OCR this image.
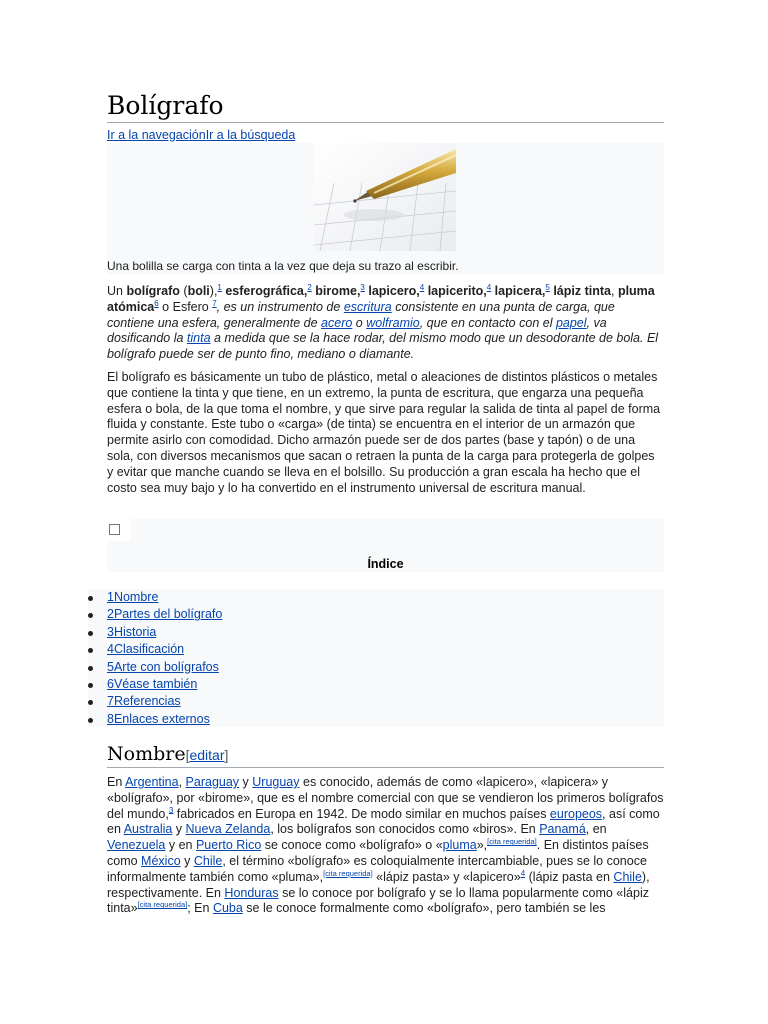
Bolígrafo
Ir a la navegaciónIr a la búsqueda
Una bolilla se carga con tinta a la vez que deja su trazo al escribir.

Un bolígrafo (boli),$^1$ esferográfica,$^2$ birome,$^3$ lapicero,$^4$ lapicerito,$^4$ lapicera,$^5$ lápiz tinta, pluma atómica$^6$ o Esfero $^7$, es un instrumento de escritura consistente en una punta de carga, que contiene una esfera, generalmente de acero o wolframio, que en contacto con el papel, va dosificando la tinta a medida que se la hace rodar, del mismo modo que un desodorante de bola. El bolígrafo puede ser de punto fino, mediano o diamante.

El bolígrafo es básicamente un tubo de plástico, metal o aleaciones de distintos plásticos o metales que contiene la tinta y que tiene, en un extremo, la punta de escritura, que engarza una pequeña esfera o bola, de la que toma el nombre, y que sirve para regular la salida de tinta al papel de forma fluida y constante. Este tubo o «carga» (de tinta) se encuentra en el interior de un armazón que permite asirlo con comodidad. Dicho armazón puede ser de dos partes (base y tapón) o de una sola, con diversos mecanismos que sacan o retraen la punta de la carga para protegerla de golpes y evitar que manche cuando se lleva en el bolsillo. Su producción a gran escala ha hecho que el costo sea muy bajo y lo ha convertido en el instrumento universal de escritura manual.

Índice
1Nombre
2Partes del bolígrafo
3Historia
4Clasificación
5Arte con bolígrafos
6Véase también
7Referencias
8Enlaces externos
Nombre[editar]

En Argentina, Paraguay y Uruguay es conocido, además de como «lapicero», «lapicera» y «bolígrafo», por «birome», que es el nombre comercial con que se vendieron los primeros bolígrafos del mundo,$^3$ fabricados en Europa en 1942. De modo similar en muchos países europeos, así como en Australia y Nueva Zelanda, los bolígrafos son conocidos como «biros». En Panamá, en Venezuela y en Puerto Rico se conoce como «bolígrafo» o «pluma»,[cita requerida]. En distintos países como México y Chile, el término «bolígrafo» es coloquialmente intercambiable, pues se lo conoce informalmente también como «pluma»,[cita requerida] «lápiz pasta» y «lapicero»$^4$ (lápiz pasta en Chile), respectivamente. En Honduras se lo conoce por bolígrafo y se lo llama popularmente como «lápiz tinta»[cita requerida]; En Cuba se le conoce formalmente como «bolígrafo», pero también se les
